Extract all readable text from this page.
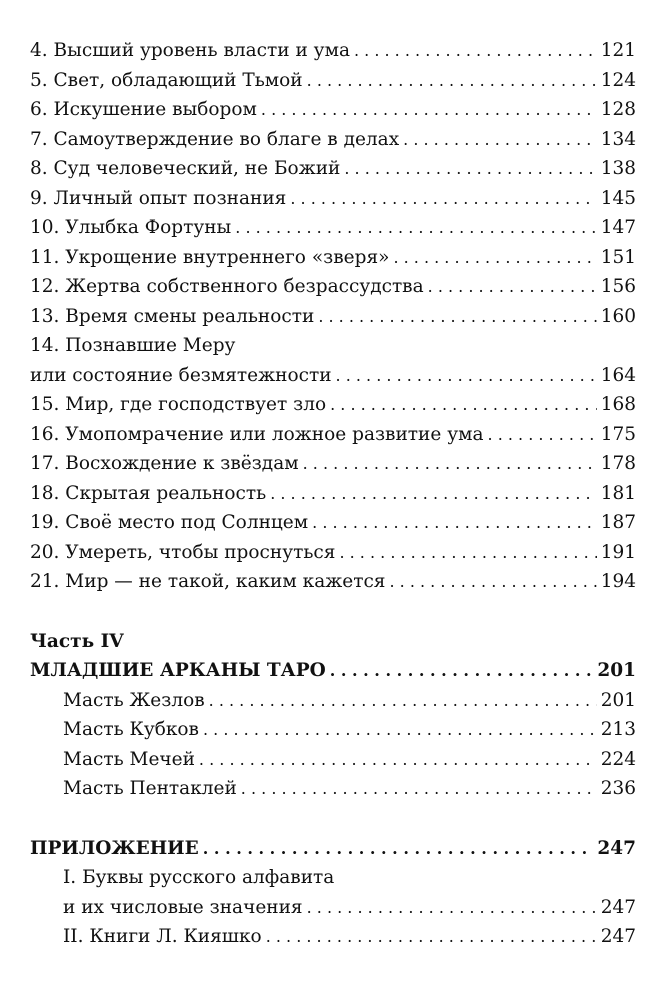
4. Высший уровень власти и ума . . .	121
5. Свет, обладающий Тьмой . . .	124
6. Искушение выбором . . .	128
7. Самоутверждение во благе в делах . . .	134
8. Суд человеческий, не Божий . . .	138
9. Личный опыт познания . . .	145
10. Улыбка Фортуны . . .	147
11. Укрощение внутреннего «зверя» . . .	151
12. Жертва собственного безрассудства . . .	156
13. Время смены реальности . . .	160
14. Познавшие Меру
или состояние безмятежности . . .	164
15. Мир, где господствует зло . . .	168
16. Умопомрачение или ложное развитие ума . . .	175
17. Восхождение к звёздам . . .	178
18. Скрытая реальность . . .	181
19. Своё место под Солнцем . . .	187
20. Умереть, чтобы проснуться . . .	191
21. Мир — не такой, каким кажется . . .	194
Часть IV
МЛАДШИЕ АРКАНЫ ТАРО . . .	201
Масть Жезлов . . .	201
Масть Кубков . . .	213
Масть Мечей . . .	224
Масть Пентаклей . . .	236
ПРИЛОЖЕНИЕ . . .	247
I. Буквы русского алфавита
и их числовые значения . . .	247
II. Книги Л. Кияшко . . .	247
